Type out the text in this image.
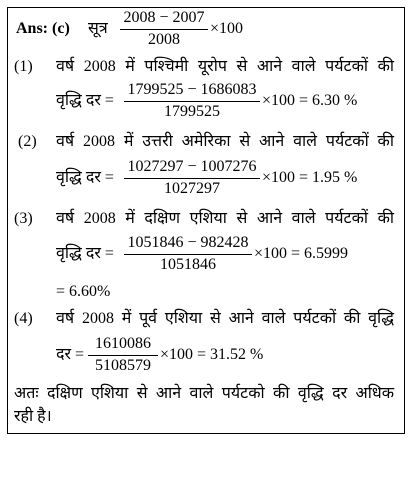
Ans: (c) सूत्र
2008 − 2007
2008
×100
(1) वर्ष 2008 में पश्चिमी यूरोप से आने वाले पर्यटकों की
वृद्धि दर =
1799525 − 1686083
1799525
×100 = 6.30 %
(2) वर्ष 2008 में उत्तरी अमेरिका से आने वाले पर्यटकों की
वृद्धि दर =
1027297 − 1007276
1027297
×100 = 1.95 %
(3) वर्ष 2008 में दक्षिण एशिया से आने वाले पर्यटकों की
वृद्धि दर =
1051846 − 982428
1051846
×100 = 6.5999
= 6.60%
(4) वर्ष 2008 में पूर्व एशिया से आने वाले पर्यटकों की वृद्धि
दर =
1610086
5108579
×100 = 31.52 %
अतः दक्षिण एशिया से आने वाले पर्यटको की वृद्धि दर अधिक
रही है।
